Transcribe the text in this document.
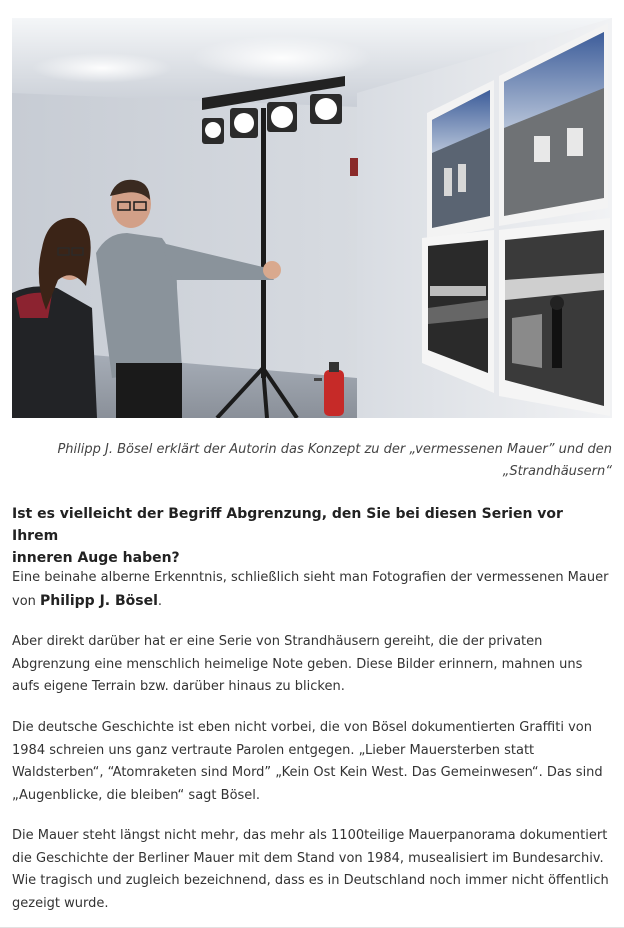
Philipp J. Bösel erklärt der Autorin das Konzept zu der „vermessenen Mauer” und den
„Strandhäusern“
Ist es vielleicht der Begriff Abgrenzung, den Sie bei diesen Serien vor Ihrem
inneren Auge haben?
Eine beinahe alberne Erkenntnis, schließlich sieht man Fotografien der vermessenen Mauer
von Philipp J. Bösel.
Aber direkt darüber hat er eine Serie von Strandhäusern gereiht, die der privaten
Abgrenzung eine menschlich heimelige Note geben. Diese Bilder erinnern, mahnen uns
aufs eigene Terrain bzw. darüber hinaus zu blicken.
Die deutsche Geschichte ist eben nicht vorbei, die von Bösel dokumentierten Graffiti von
1984 schreien uns ganz vertraute Parolen entgegen. „Lieber Mauersterben statt
Waldsterben“, “Atomraketen sind Mord” „Kein Ost Kein West. Das Gemeinwesen“. Das sind
„Augenblicke, die bleiben“ sagt Bösel.
Die Mauer steht längst nicht mehr, das mehr als 1100teilige Mauerpanorama dokumentiert
die Geschichte der Berliner Mauer mit dem Stand von 1984, musealisiert im Bundesarchiv.
Wie tragisch und zugleich bezeichnend, dass es in Deutschland noch immer nicht öffentlich
gezeigt wurde.
